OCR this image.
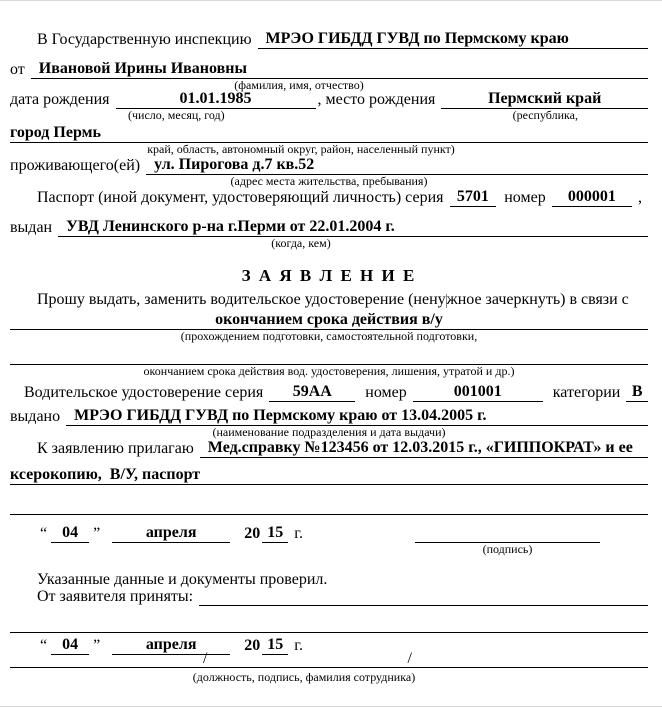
В Государственную инспекцию МРЭО ГИБДД ГУВД по Пермскому краю
от Ивановой Ирины Ивановны
(фамилия, имя, отчество)
дата рождения	01.01.1985	, место рождения	Пермский край
(число, месяц, год)	(республика,
город Пермь
край, область, автономный округ, район, населенный пункт)
проживающего(ей) ул. Пирогова д.7 кв.52
(адрес места жительства, пребывания)
Паспорт (иной документ, удостоверяющий личность) серия 5701 номер	000001	,
выдан УВД Ленинского р-на г.Перми от 22.01.2004 г.
(когда, кем)
З А Я В Л Е Н И Е
Прошу выдать, заменить водительское удостоверение (нену жное зачеркнуть) в связи с
окончанием срока действия в/у
(прохождением подготовки, самостоятельной подготовки,
окончанием срока действия вод. удостоверения, лишения, утратой и др.)
Водительское удостоверение серия	59АА	номер	001001	категории В
выдано МРЭО ГИБДД ГУВД по Пермскому краю от 13.04.2005 г.
(наименование подразделения и дата выдачи)
К заявлению прилагаю Мед.справку №123456 от 12.03.2015 г., «ГИППОКРАТ» и ее
ксерокопию,  В/У, паспорт
“ 04 ”	апреля	20 15 г.
(подпись)
Указанные данные и документы проверил.
От заявителя приняты:
“ 04 ”	апреля	20 15 г.
/	/
(должность, подпись, фамилия сотрудника)
